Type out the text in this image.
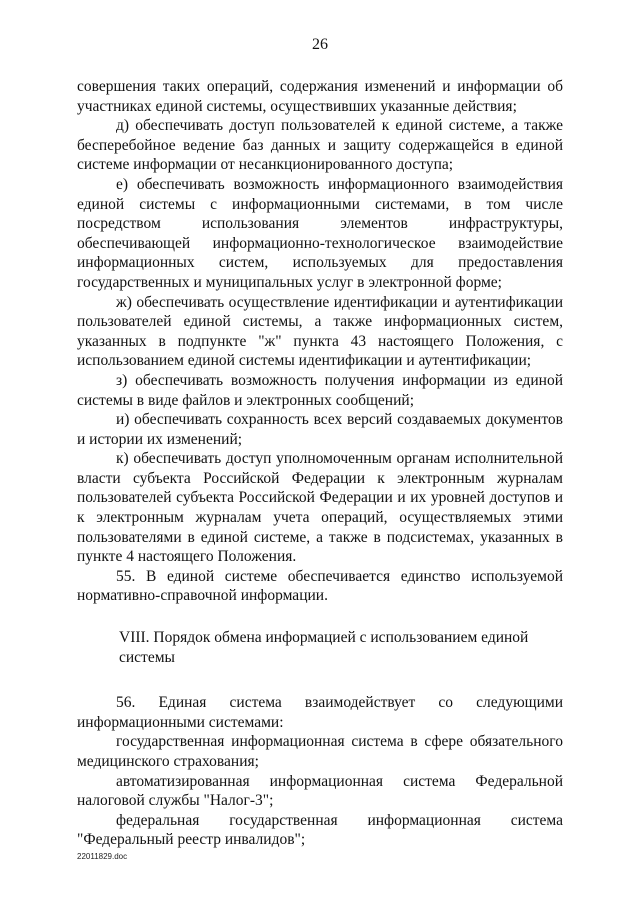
26

совершения таких операций, содержания изменений и информации об участниках единой системы, осуществивших указанные действия;

д) обеспечивать доступ пользователей к единой системе, а также бесперебойное ведение баз данных и защиту содержащейся в единой системе информации от несанкционированного доступа;

е) обеспечивать возможность информационного взаимодействия единой системы с информационными системами, в том числе посредством использования элементов инфраструктуры, обеспечивающей информационно-технологическое взаимодействие информационных систем, используемых для предоставления государственных и муниципальных услуг в электронной форме;

ж) обеспечивать осуществление идентификации и аутентификации пользователей единой системы, а также информационных систем, указанных в подпункте "ж" пункта 43 настоящего Положения, с использованием единой системы идентификации и аутентификации;

з) обеспечивать возможность получения информации из единой системы в виде файлов и электронных сообщений;

и) обеспечивать сохранность всех версий создаваемых документов и истории их изменений;

к) обеспечивать доступ уполномоченным органам исполнительной власти субъекта Российской Федерации к электронным журналам пользователей субъекта Российской Федерации и их уровней доступов и к электронным журналам учета операций, осуществляемых этими пользователями в единой системе, а также в подсистемах, указанных в пункте 4 настоящего Положения.

55. В единой системе обеспечивается единство используемой нормативно-справочной информации.

VIII. Порядок обмена информацией с использованием единой системы

56. Единая система взаимодействует со следующими информационными системами:

государственная информационная система в сфере обязательного медицинского страхования;

автоматизированная информационная система Федеральной налоговой службы "Налог-3";

федеральная государственная информационная система "Федеральный реестр инвалидов";

22011829.doc
